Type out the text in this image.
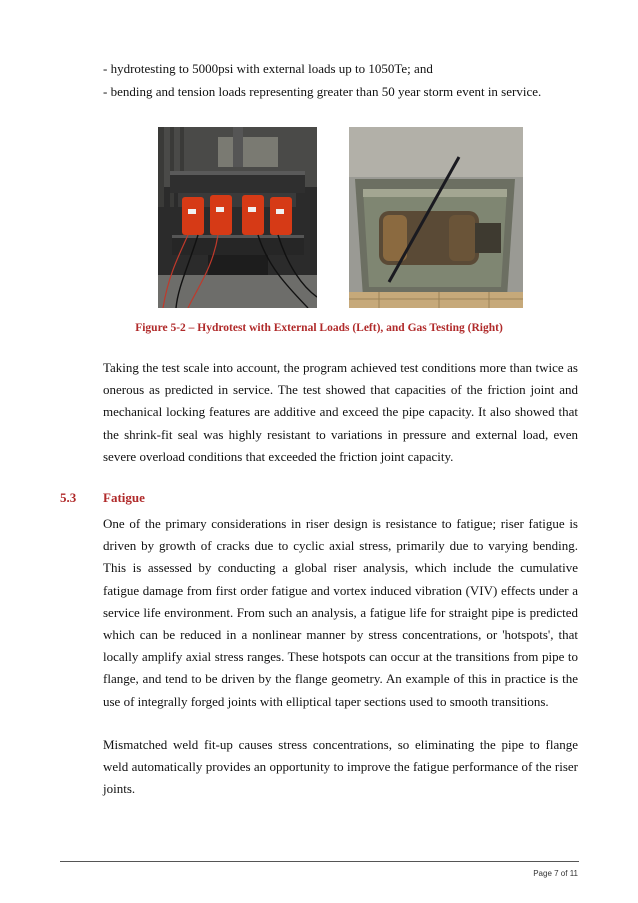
- hydrotesting to 5000psi with external loads up to 1050Te; and
- bending and tension loads representing greater than 50 year storm event in service.
Figure 5-2 – Hydrotest with External Loads (Left), and Gas Testing (Right)

Taking the test scale into account, the program achieved test conditions more than twice as onerous as predicted in service. The test showed that capacities of the friction joint and mechanical locking features are additive and exceed the pipe capacity. It also showed that the shrink-fit seal was highly resistant to variations in pressure and external load, even severe overload conditions that exceeded the friction joint capacity.

5.3 Fatigue

One of the primary considerations in riser design is resistance to fatigue; riser fatigue is driven by growth of cracks due to cyclic axial stress, primarily due to varying bending. This is assessed by conducting a global riser analysis, which include the cumulative fatigue damage from first order fatigue and vortex induced vibration (VIV) effects under a service life environment. From such an analysis, a fatigue life for straight pipe is predicted which can be reduced in a nonlinear manner by stress concentrations, or 'hotspots', that locally amplify axial stress ranges. These hotspots can occur at the transitions from pipe to flange, and tend to be driven by the flange geometry. An example of this in practice is the use of integrally forged joints with elliptical taper sections used to smooth transitions.

Mismatched weld fit-up causes stress concentrations, so eliminating the pipe to flange weld automatically provides an opportunity to improve the fatigue performance of the riser joints.

Page 7 of 11
